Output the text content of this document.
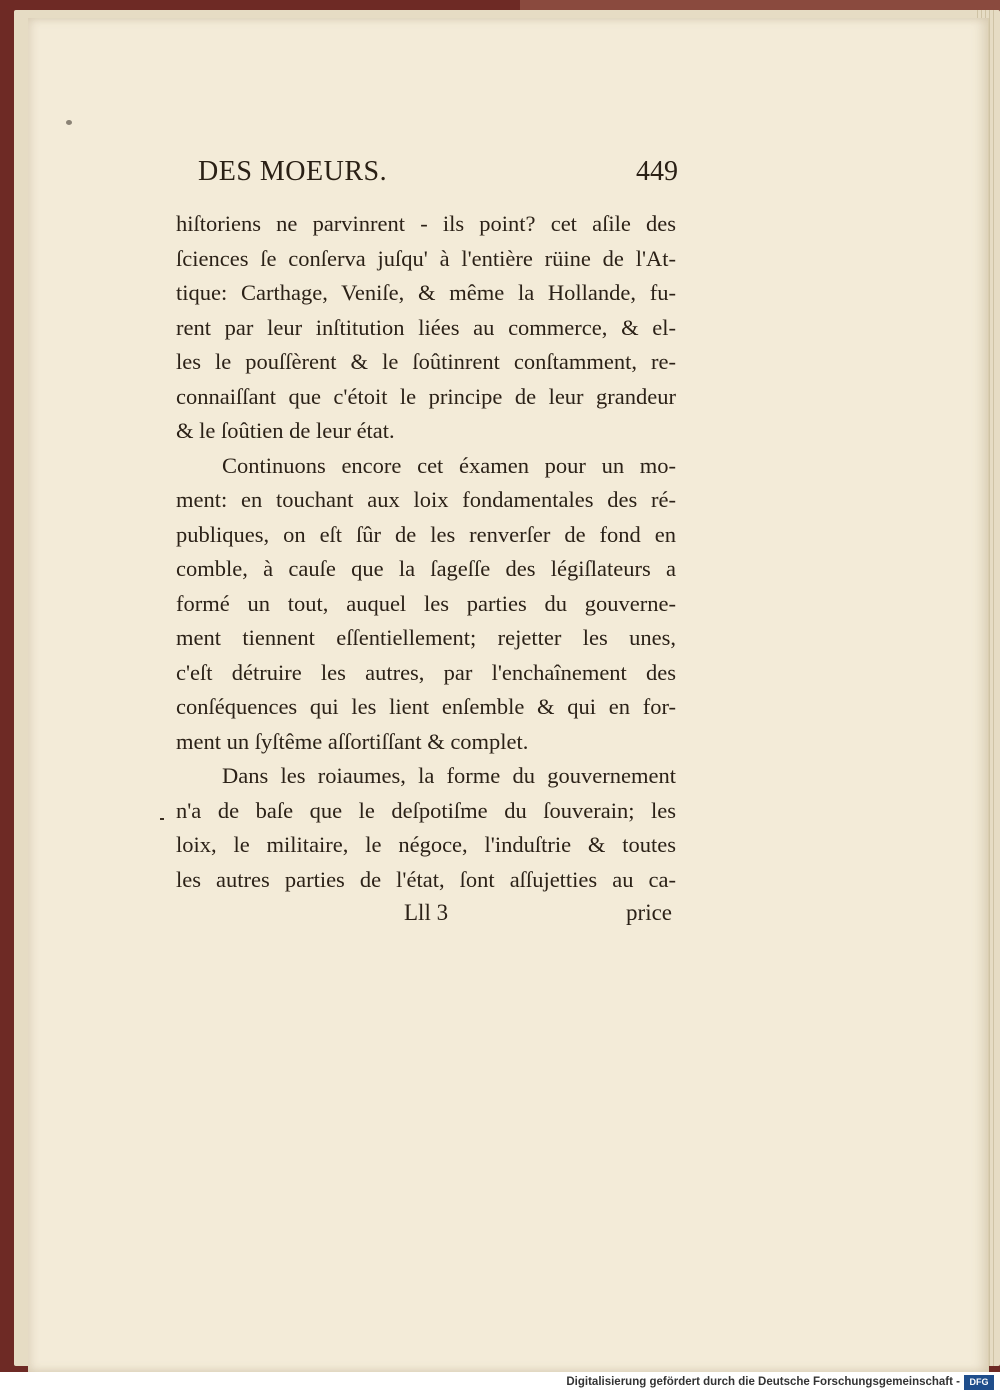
DES MOEURS.	449
hiſtoriens ne parvinrent - ils point? cet aſile des
ſciences ſe conſerva juſqu' à l'entière rüine de l'At-
tique: Carthage, Veniſe, & même la Hollande, fu-
rent par leur inſtitution liées au commerce, & el-
les le pouſſèrent & le ſoûtinrent conſtamment, re-
connaiſſant que c'étoit le principe de leur grandeur
& le ſoûtien de leur état.
Continuons encore cet éxamen pour un mo-
ment: en touchant aux loix fondamentales des ré-
publiques, on eſt ſûr de les renverſer de fond en
comble, à cauſe que la ſageſſe des légiſlateurs a
formé un tout, auquel les parties du gouverne-
ment tiennent eſſentiellement; rejetter les unes,
c'eſt détruire les autres, par l'enchaînement des
conſéquences qui les lient enſemble & qui en for-
ment un ſyſtême aſſortiſſant & complet.
Dans les roiaumes, la forme du gouvernement
n'a de baſe que le deſpotiſme du ſouverain; les
loix, le militaire, le négoce, l'induſtrie & toutes
les autres parties de l'état, ſont aſſujetties au ca-
Lll 3	price
Digitalisierung gefördert durch die Deutsche Forschungsgemeinschaft -	DFG
